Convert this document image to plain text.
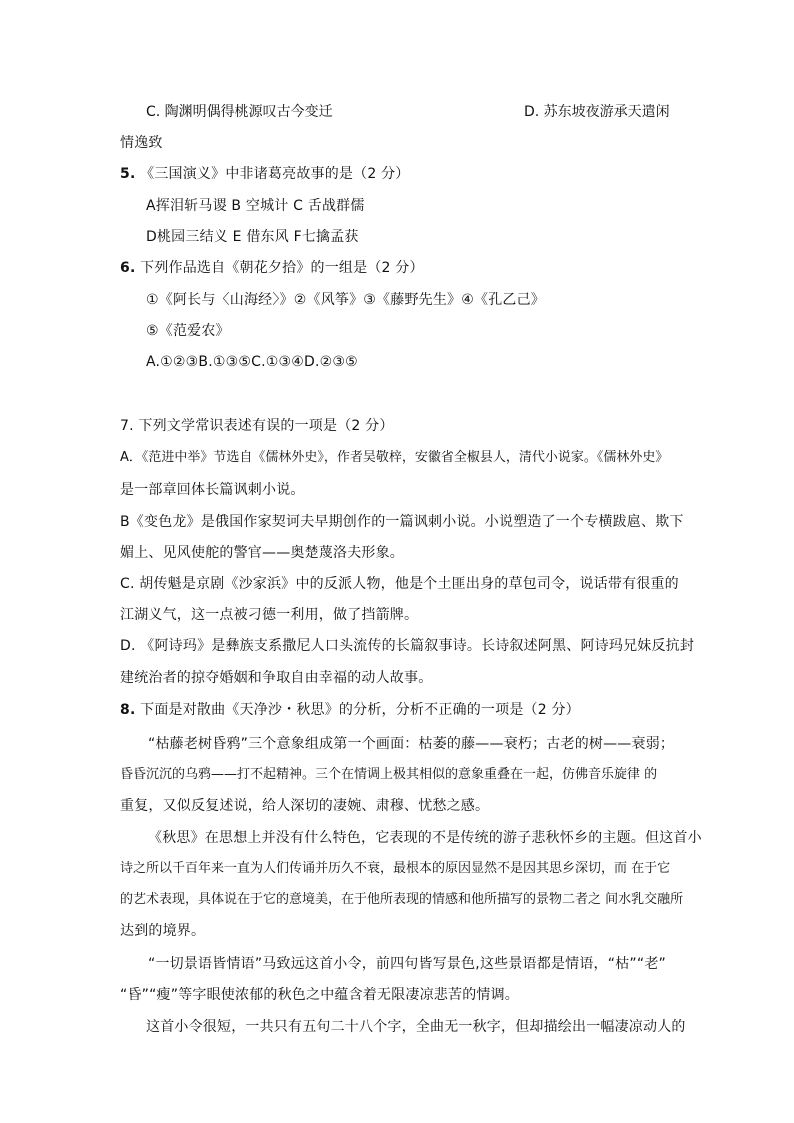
C. 陶渊明偶得桃源叹古今变迁	D. 苏东坡夜游承天遣闲
情逸致
5. 《三国演义》中非诸葛亮故事的是（2 分）
A挥泪斩马谡 B 空城计 C 舌战群儒
D桃园三结义 E 借东风 F七擒孟获
6. 下列作品选自《朝花夕拾》的一组是（2 分）
①《阿长与〈山海经〉》②《风筝》③《藤野先生》④《孔乙己》
⑤《范爱农》
A.①②③B.①③⑤C.①③④D.②③⑤
7. 下列文学常识表述有误的一项是（2 分）
A．《范进中举》节选自《儒林外史》，作者吴敬梓，安徽省全椒县人，清代小说家。《儒林外史》
是一部章回体长篇讽刺小说。
B《变色龙》是俄国作家契诃夫早期创作的一篇讽刺小说。小说塑造了一个专横跋扈、欺下
媚上、见风使舵的警官——奥楚蔑洛夫形象。
C. 胡传魁是京剧《沙家浜》中的反派人物，他是个土匪出身的草包司令，说话带有很重的
江湖义气，这一点被刁德一利用，做了挡箭牌。
D. 《阿诗玛》是彝族支系撒尼人口头流传的长篇叙事诗。长诗叙述阿黑、阿诗玛兄妹反抗封
建统治者的掠夺婚姻和争取自由幸福的动人故事。
8. 下面是对散曲《天净沙・秋思》的分析，分析不正确的一项是（2 分）
“枯藤老树昏鸦”三个意象组成第一个画面：枯萎的藤——衰朽；古老的树——衰弱；
昏昏沉沉的乌鸦——打不起精神。三个在情调上极其相似的意象重叠在一起，仿佛音乐旋律 的
重复，又似反复述说，给人深切的凄婉、肃穆、忧愁之感。
《秋思》在思想上并没有什么特色，它表现的不是传统的游子悲秋怀乡的主题。但这首小
诗之所以千百年来一直为人们传诵并历久不衰，最根本的原因显然不是因其思乡深切，而 在于它
的艺术表现，具体说在于它的意境美，在于他所表现的情感和他所描写的景物二者之 间水乳交融所
达到的境界。
“一切景语皆情语”马致远这首小令，前四句皆写景色,这些景语都是情语，“枯”“老”
“昏”“瘦”等字眼使浓郁的秋色之中蕴含着无限凄凉悲苦的情调。
这首小令很短，一共只有五句二十八个字，全曲无一秋字，但却描绘出一幅凄凉动人的
